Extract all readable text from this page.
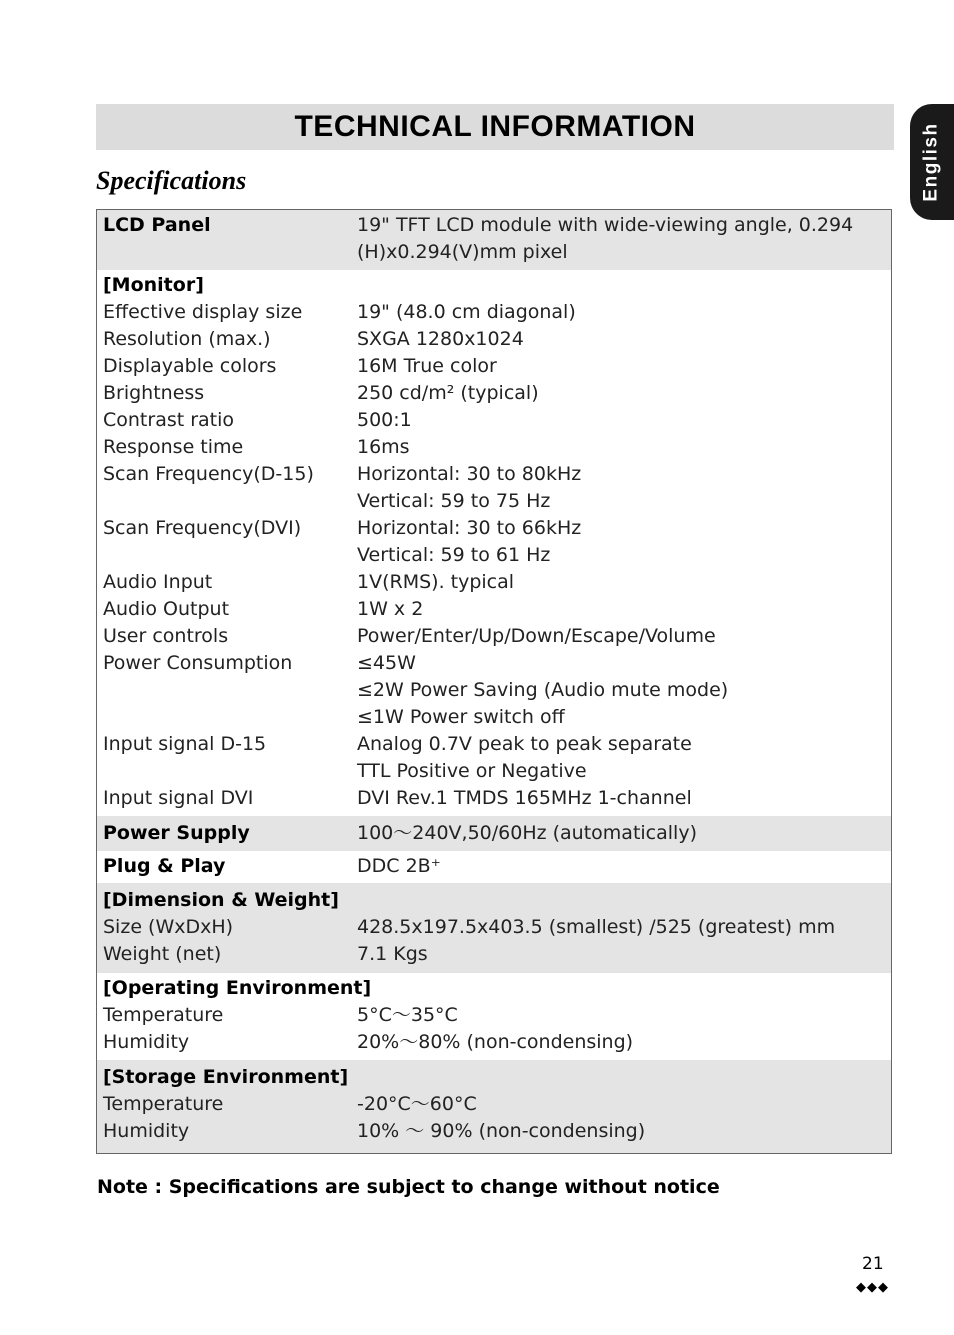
TECHNICAL INFORMATION	English
Specifications
LCD Panel	19" TFT LCD module with wide-viewing angle, 0.294
(H)x0.294(V)mm pixel
[Monitor]
Effective display size	19" (48.0 cm diagonal)
Resolution (max.)	SXGA 1280x1024
Displayable colors	16M True color
Brightness	250 cd/m² (typical)
Contrast ratio	500:1
Response time	16ms
Scan Frequency(D-15) Horizontal: 30 to 80kHz
Vertical: 59 to 75 Hz
Scan Frequency(DVI)	Horizontal: 30 to 66kHz
Vertical: 59 to 61 Hz
Audio Input	1V(RMS). typical
Audio Output	1W x 2
User controls	Power/Enter/Up/Down/Escape/Volume
Power Consumption	≤45W
≤2W Power Saving (Audio mute mode)
≤1W Power switch off
Input signal D-15	Analog 0.7V peak to peak separate
TTL Positive or Negative
Input signal DVI	DVI Rev.1 TMDS 165MHz 1-channel
Power Supply	100～240V,50/60Hz (automatically)
Plug & Play	DDC 2B⁺
[Dimension & Weight]
Size (WxDxH)	428.5x197.5x403.5 (smallest) /525 (greatest) mm
Weight (net)	7.1 Kgs
[Operating Environment]
Temperature	5°C～35°C
Humidity	20%～80% (non-condensing)
[Storage Environment]
Temperature	-20°C～60°C
Humidity	10% ～ 90% (non-condensing)
Note : Specifications are subject to change without notice
21
◆◆◆
